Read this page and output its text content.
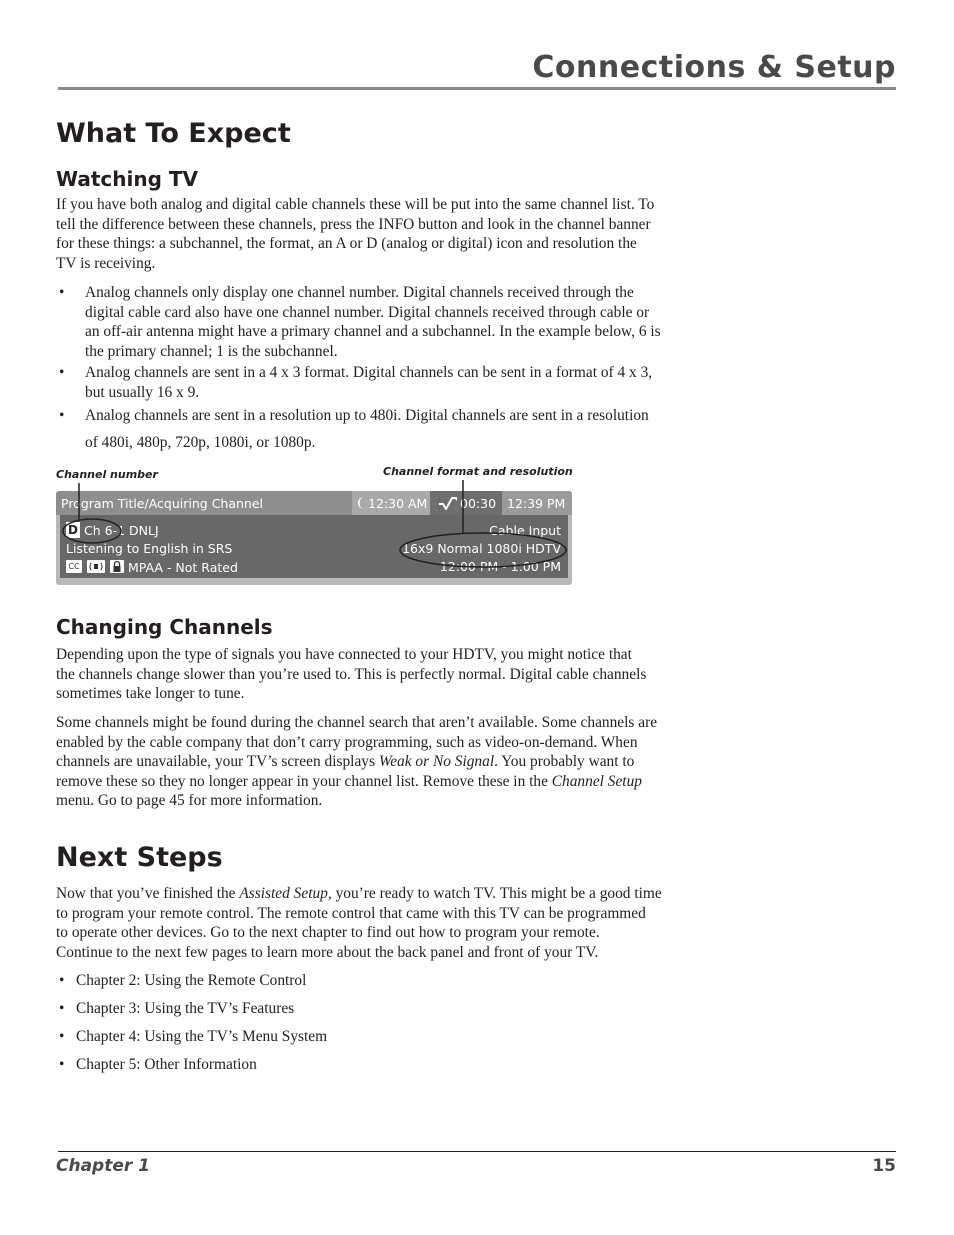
Connections & Setup
What To Expect
Watching TV
If you have both analog and digital cable channels these will be put into the same channel list. To
tell the difference between these channels, press the INFO button and look in the channel banner
for these things: a subchannel, the format, an A or D (analog or digital) icon and resolution the
TV is receiving.
• Analog channels only display one channel number. Digital channels received through the
digital cable card also have one channel number. Digital channels received through cable or
an off-air antenna might have a primary channel and a subchannel. In the example below, 6 is
the primary channel; 1 is the subchannel.
• Analog channels are sent in a 4 x 3 format. Digital channels can be sent in a format of 4 x 3,
but usually 16 x 9.
• Analog channels are sent in a resolution up to 480i. Digital channels are sent in a resolution
of 480i, 480p, 720p, 1080i, or 1080p.
Channel number	Channel format and resolution
Program Title/Acquiring Channel	12:30 AM	00:30 12:39 PM
D Ch 6-1 DNLJ	Cable Input
Listening to English in SRS	16x9 Normal 1080i HDTV
CC	MPAA - Not Rated	12:00 PM - 1:00 PM
Changing Channels
Depending upon the type of signals you have connected to your HDTV, you might notice that
the channels change slower than you’re used to. This is perfectly normal. Digital cable channels
sometimes take longer to tune.
Some channels might be found during the channel search that aren’t available. Some channels are
enabled by the cable company that don’t carry programming, such as video-on-demand. When
channels are unavailable, your TV’s screen displays Weak or No Signal. You probably want to
remove these so they no longer appear in your channel list. Remove these in the Channel Setup
menu. Go to page 45 for more information.
Next Steps
Now that you’ve finished the Assisted Setup, you’re ready to watch TV. This might be a good time
to program your remote control. The remote control that came with this TV can be programmed
to operate other devices. Go to the next chapter to find out how to program your remote.
Continue to the next few pages to learn more about the back panel and front of your TV.
• Chapter 2: Using the Remote Control
• Chapter 3: Using the TV’s Features
• Chapter 4: Using the TV’s Menu System
• Chapter 5: Other Information
Chapter 1	15
